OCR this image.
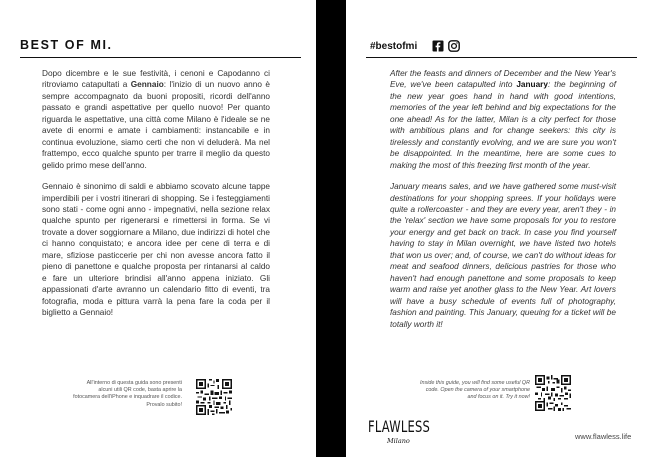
BEST OF MI.

Dopo dicembre e le sue festività, i cenoni e Capodanno ci ritroviamo catapultati a Gennaio: l'inizio di un nuovo anno è sempre accompagnato da buoni propositi, ricordi dell'anno passato e grandi aspettative per quello nuovo! Per quanto riguarda le aspettative, una città come Milano è l'ideale se ne avete di enormi e amate i cambiamenti: instancabile e in continua evoluzione, siamo certi che non vi deluderà. Ma nel frattempo, ecco qualche spunto per trarre il meglio da questo gelido primo mese dell'anno.

Gennaio è sinonimo di saldi e abbiamo scovato alcune tappe imperdibili per i vostri itinerari di shopping. Se i festeggiamenti sono stati - come ogni anno - impegnativi, nella sezione relax qualche spunto per rigenerarsi e rimettersi in forma. Se vi trovate a dover soggiornare a Milano, due indirizzi di hotel che ci hanno conquistato; e ancora idee per cene di terra e di mare, sfiziose pasticcerie per chi non avesse ancora fatto il pieno di panettone e qualche proposta per rintanarsi al caldo e fare un ulteriore brindisi all'anno appena iniziato. Gli appassionati d'arte avranno un calendario fitto di eventi, tra fotografia, moda e pittura varrà la pena fare la coda per il biglietto a Gennaio!

All'interno di questa guida sono presenti alcuni utili QR code, basta aprire la fotocamera dell'iPhone e inquadrare il codice. Provalo subito!
#bestofmi

After the feasts and dinners of December and the New Year's Eve, we've been catapulted into January: the beginning of the new year goes hand in hand with good intentions, memories of the year left behind and big expectations for the one ahead! As for the latter, Milan is a city perfect for those with ambitious plans and for change seekers: this city is tirelessly and constantly evolving, and we are sure you won't be disappointed. In the meantime, here are some cues to making the most of this freezing first month of the year.

January means sales, and we have gathered some must-visit destinations for your shopping sprees. If your holidays were quite a rollercoaster - and they are every year, aren't they - in the 'relax' section we have some proposals for you to restore your energy and get back on track. In case you find yourself having to stay in Milan overnight, we have listed two hotels that won us over; and, of course, we can't do without ideas for meat and seafood dinners, delicious pastries for those who haven't had enough panettone and some proposals to keep warm and raise yet another glass to the New Year. Art lovers will have a busy schedule of events full of photography, fashion and painting. This January, queuing for a ticket will be totally worth it!

Inside this guide, you will find some useful QR code. Open the camera of your smartphone and focus on it. Try it now!
FLAWLESS
Milano	www.flawless.life
